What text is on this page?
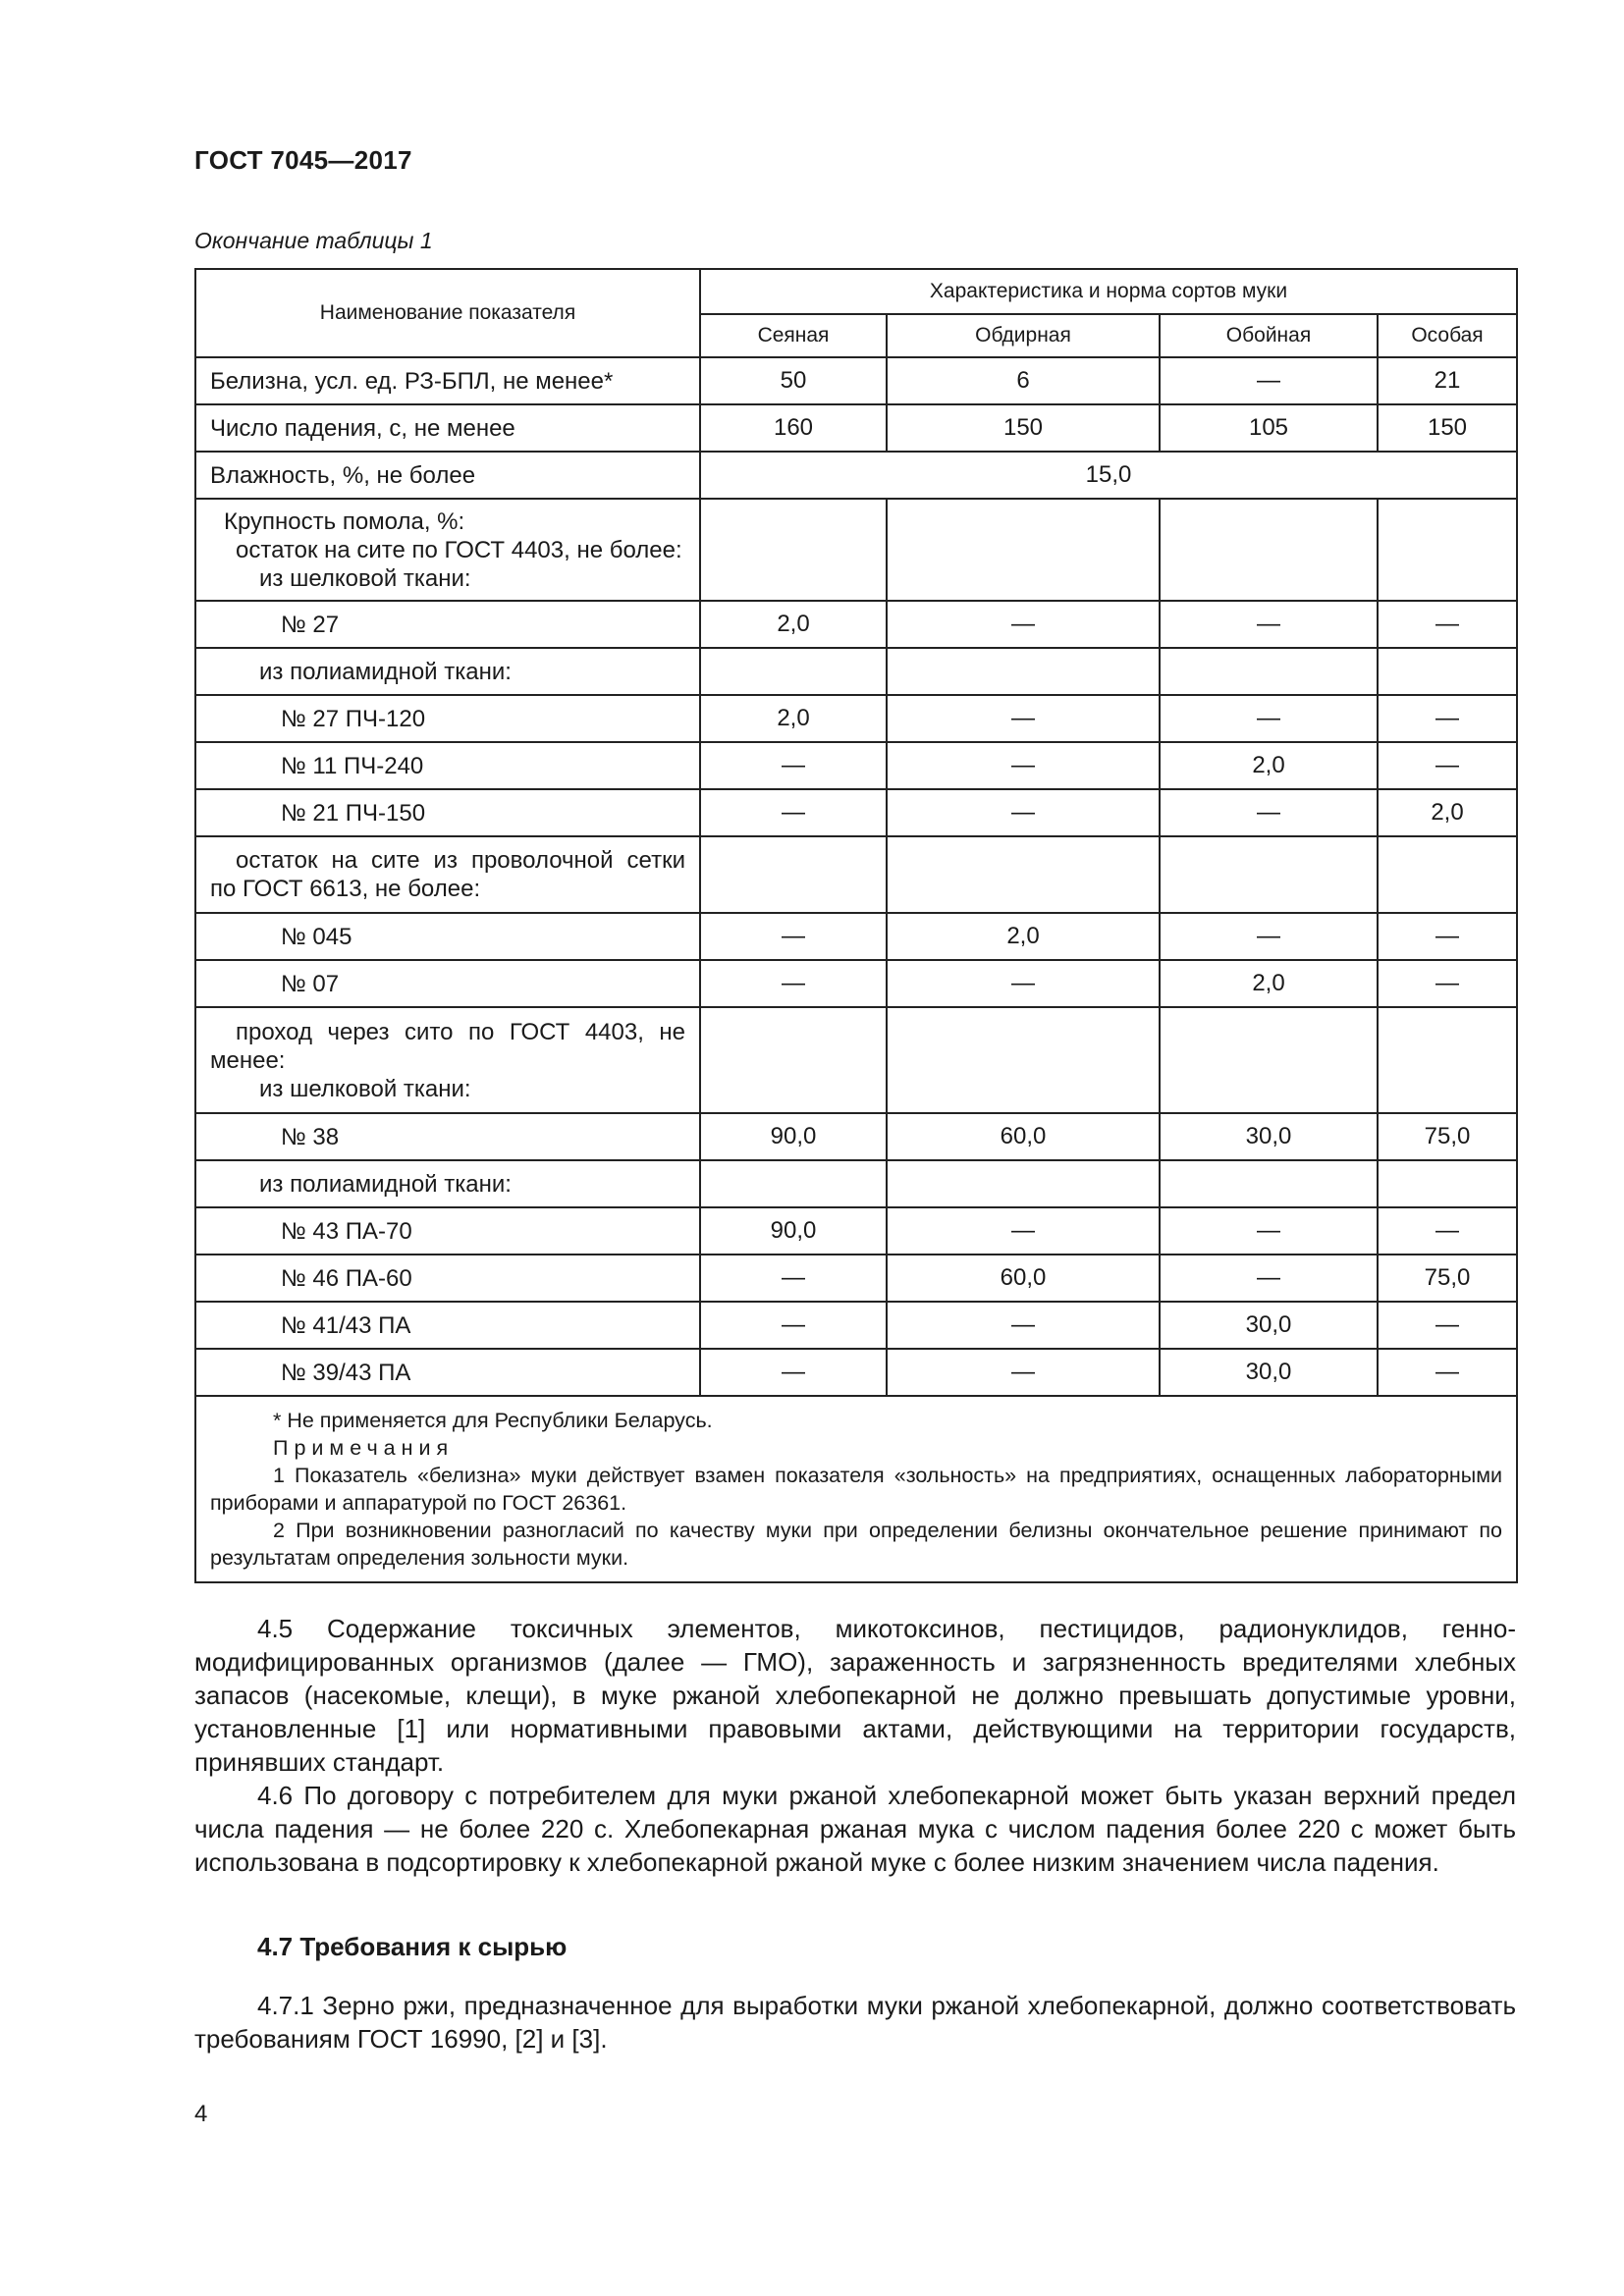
ГОСТ 7045—2017
Окончание таблицы 1
Наименование показателя	Характеристика и норма сортов муки			
	Сеяная	Обдирная	Обойная	Особая
Белизна, усл. ед. РЗ-БПЛ, не менее*	50	6	—	21
Число падения, с, не менее	160	150	105	150
Влажность, %, не более	15,0			

Крупность помола, %:
остаток на сите по ГОСТ 4403, не более:
из шелковой ткани:				

№ 27	2,0	—	—	—
из полиамидной ткани:				
№ 27 ПЧ-120	2,0	—	—	—
№ 11 ПЧ-240	—	—	2,0	—
№ 21 ПЧ-150	—	—	—	2,0

остаток на сите из проволочной сетки
по ГОСТ 6613, не более:				

№ 045	—	2,0	—	—
№ 07	—	—	2,0	—

проход через сито по ГОСТ 4403, не
менее:
из шелковой ткани:				

№ 38	90,0	60,0	30,0	75,0
из полиамидной ткани:				
№ 43 ПА-70	90,0	—	—	—
№ 46 ПА-60	—	60,0	—	75,0
№ 41/43 ПА	—	—	30,0	—
№ 39/43 ПА	—	—	30,0	—

* Не применяется для Республики Беларусь.
Примечания
1 Показатель «белизна» муки действует взамен показателя «зольность» на предприятиях, оснащенных лабораторными приборами и аппаратурой по ГОСТ 26361.
2 При возникновении разногласий по качеству муки при определении белизны окончательное решение принимают по результатам определения зольности муки.				

4.5 Содержание токсичных элементов, микотоксинов, пестицидов, радионуклидов, генно-модифицированных организмов (далее — ГМО), зараженность и загрязненность вредителями хлебных запасов (насекомые, клещи), в муке ржаной хлебопекарной не должно превышать допустимые уровни, установленные [1] или нормативными правовыми актами, действующими на территории государств, принявших стандарт.

4.6 По договору с потребителем для муки ржаной хлебопекарной может быть указан верхний предел числа падения — не более 220 с. Хлебопекарная ржаная мука с числом падения более 220 с может быть использована в подсортировку к хлебопекарной ржаной муке с более низким значением числа падения.

4.7 Требования к сырью

4.7.1 Зерно ржи, предназначенное для выработки муки ржаной хлебопекарной, должно соответствовать требованиям ГОСТ 16990, [2] и [3].

4
